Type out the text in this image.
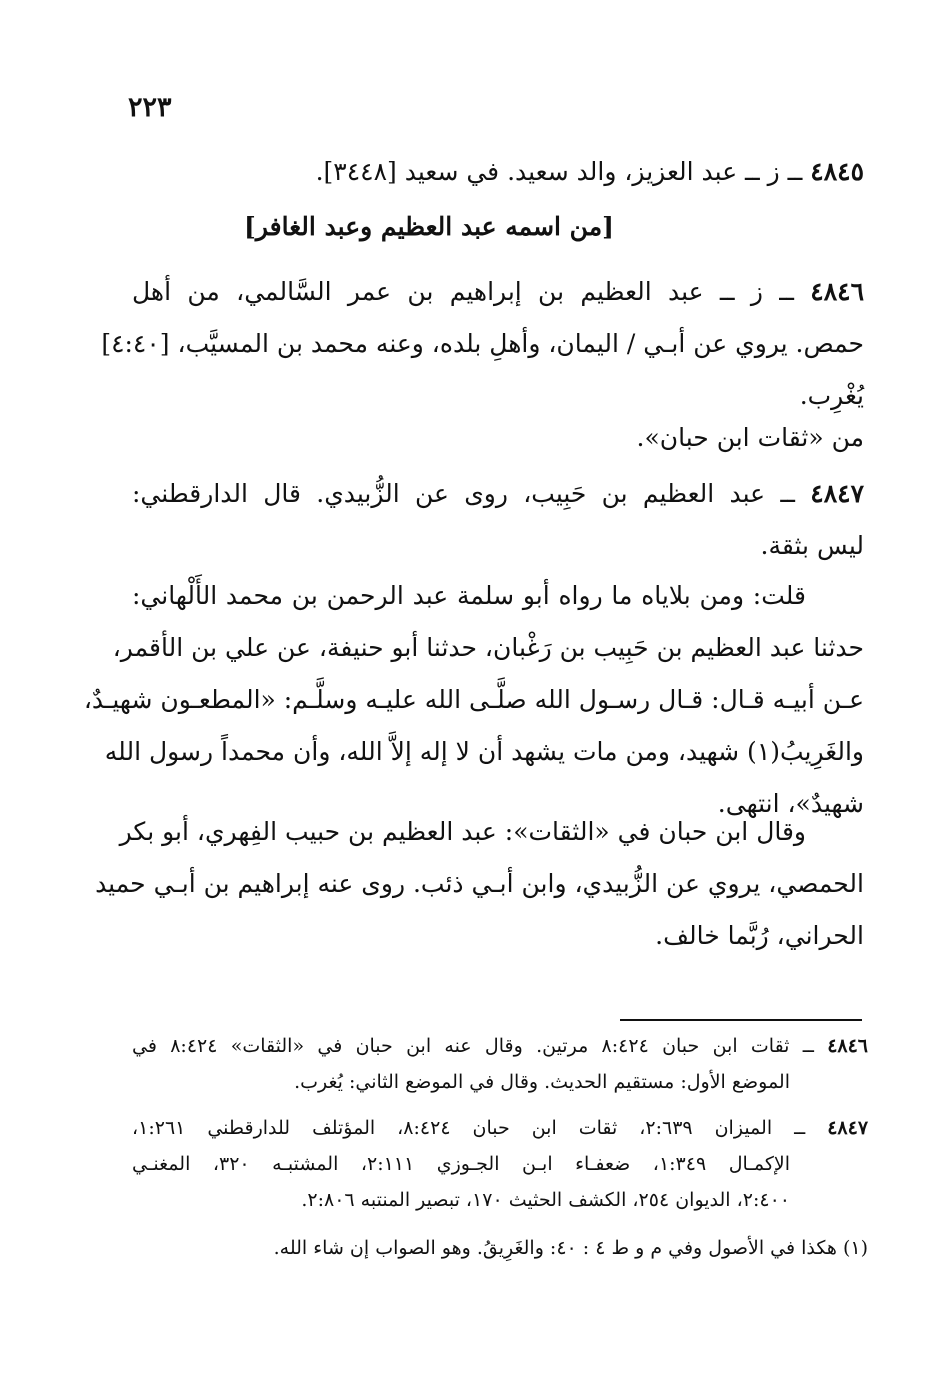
٢٢٣
٤٨٤٥ ــ ز ــ عبد العزيز، والد سعيد. في سعيد [٣٤٤٨].
[من اسمه عبد العظيم وعبد الغافر]
٤٨٤٦ ــ ز ــ عبد العظيم بن إبراهيم بن عمر السَّالمي، من أهل
حمص. يروي عن أبـي / اليمان، وأهلِ بلده، وعنه محمد بن المسيَّب، [٤:٤٠]
يُغْرِب.
من «ثقات ابن حبان».
٤٨٤٧ ــ عبد العظيم بن حَبِيب، روى عن الزُّبيدي. قال الدارقطني:
ليس بثقة.
قلت: ومن بلاياه ما رواه أبو سلمة عبد الرحمن بن محمد الأَلْهاني:
حدثنا عبد العظيم بن حَبِيب بن رَغْبان، حدثنا أبو حنيفة، عن علي بن الأقمر،
عـن أبيـه قـال: قـال رسـول الله صلَّـى الله عليـه وسلَّـم: «المطعـون شهيـدٌ،
والغَرِيبُ(١) شهيد، ومن مات يشهد أن لا إله إلاَّ الله، وأن محمداً رسول الله
شهيدٌ»، انتهى.
وقال ابن حبان في «الثقات»: عبد العظيم بن حبيب الفِهري، أبو بكر
الحمصي، يروي عن الزُّبيدي، وابن أبـي ذئب. روى عنه إبراهيم بن أبـي حميد
الحراني، رُبَّما خالف.
٤٨٤٦ ــ ثقات ابن حبان ٨:٤٢٤ مرتين. وقال عنه ابن حبان في «الثقات» ٨:٤٢٤ في
الموضع الأول: مستقيم الحديث. وقال في الموضع الثاني: يُغرب.
٤٨٤٧ ــ الميزان ٢:٦٣٩، ثقات ابن حبان ٨:٤٢٤، المؤتلف للدارقطني ١:٢٦١،
الإكمـال ١:٣٤٩، ضعفـاء ابـن الجـوزي ٢:١١١، المشتبـه ٣٢٠، المغنـي
٢:٤٠٠، الديوان ٢٥٤، الكشف الحثيث ١٧٠، تبصير المنتبه ٢:٨٠٦.
(١) هكذا في الأصول وفي م و ط ٤ : ٤٠: والغَرِيقُ. وهو الصواب إن شاء الله.
